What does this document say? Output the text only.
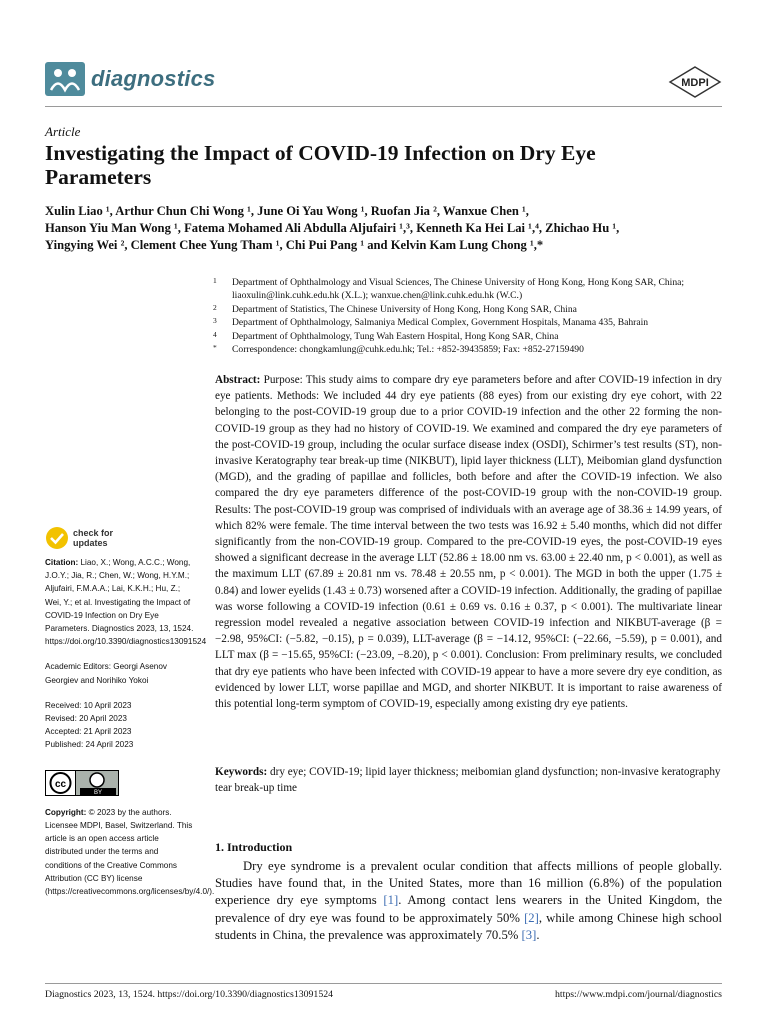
diagnostics	MDPI
Article
Investigating the Impact of COVID-19 Infection on Dry Eye Parameters
Xulin Liao ¹, Arthur Chun Chi Wong ¹, June Oi Yau Wong ¹, Ruofan Jia ², Wanxue Chen ¹,
Hanson Yiu Man Wong ¹, Fatema Mohamed Ali Abdulla Aljufairi ¹,³, Kenneth Ka Hei Lai ¹,⁴, Zhichao Hu ¹,
Yingying Wei ², Clement Chee Yung Tham ¹, Chi Pui Pang ¹ and Kelvin Kam Lung Chong ¹,*
1 Department of Ophthalmology and Visual Sciences, The Chinese University of Hong Kong, Hong Kong SAR, China; liaoxulin@link.cuhk.edu.hk (X.L.); wanxue.chen@link.cuhk.edu.hk (W.C.)
2 Department of Statistics, The Chinese University of Hong Kong, Hong Kong SAR, China
3 Department of Ophthalmology, Salmaniya Medical Complex, Government Hospitals, Manama 435, Bahrain
4 Department of Ophthalmology, Tung Wah Eastern Hospital, Hong Kong SAR, China
* Correspondence: chongkamlung@cuhk.edu.hk; Tel.: +852-39435859; Fax: +852-27159490
Abstract: Purpose: This study aims to compare dry eye parameters before and after COVID-19 infection in dry eye patients. Methods: We included 44 dry eye patients (88 eyes) from our existing dry eye cohort, with 22 belonging to the post-COVID-19 group due to a prior COVID-19 infection and the other 22 forming the non-COVID-19 group as they had no history of COVID-19. We examined and compared the dry eye parameters of the post-COVID-19 group, including the ocular surface disease index (OSDI), Schirmer’s test results (ST), non-invasive Keratography tear break-up time (NIKBUT), lipid layer thickness (LLT), Meibomian gland dysfunction (MGD), and the grading of papillae and follicles, both before and after the COVID-19 infection. We also compared the dry eye parameters difference of the post-COVID-19 group with the non-COVID-19 group. Results: The post-COVID-19 group was comprised of individuals with an average age of 38.36 ± 14.99 years, of which 82% were female. The time interval between the two tests was 16.92 ± 5.40 months, which did not differ significantly from the non-COVID-19 group. Compared to the pre-COVID-19 eyes, the post-COVID-19 eyes showed a significant decrease in the average LLT (52.86 ± 18.00 nm vs. 63.00 ± 22.40 nm, p < 0.001), as well as the maximum LLT (67.89 ± 20.81 nm vs. 78.48 ± 20.55 nm, p < 0.001). The MGD in both the upper (1.75 ± 0.84) and lower eyelids (1.43 ± 0.73) worsened after a COVID-19 infection. Additionally, the grading of papillae was worse following a COVID-19 infection (0.61 ± 0.69 vs. 0.16 ± 0.37, p < 0.001). The multivariate linear regression model revealed a negative association between COVID-19 infection and NIKBUT-average (β = −2.98, 95%CI: (−5.82, −0.15), p = 0.039), LLT-average (β = −14.12, 95%CI: (−22.66, −5.59), p = 0.001), and LLT max (β = −15.65, 95%CI: (−23.09, −8.20), p < 0.001). Conclusion: From preliminary results, we concluded that dry eye patients who have been infected with COVID-19 appear to have a more severe dry eye condition, as evidenced by lower LLT, worse papillae and MGD, and shorter NIKBUT. It is important to raise awareness of this potential long-term symptom of COVID-19, especially among existing dry eye patients.
Keywords: dry eye; COVID-19; lipid layer thickness; meibomian gland dysfunction; non-invasive keratography tear break-up time
check for
updates

Citation: Liao, X.; Wong, A.C.C.; Wong, J.O.Y.; Jia, R.; Chen, W.; Wong, H.Y.M.; Aljufairi, F.M.A.A.; Lai, K.K.H.; Hu, Z.; Wei, Y.; et al. Investigating the Impact of COVID-19 Infection on Dry Eye Parameters. Diagnostics 2023, 13, 1524. https://doi.org/10.3390/diagnostics13091524

Academic Editors: Georgi Asenov Georgiev and Norihiko Yokoi

Received: 10 April 2023

Revised: 20 April 2023

Accepted: 21 April 2023

Published: 24 April 2023

cc
BY

Copyright: © 2023 by the authors. Licensee MDPI, Basel, Switzerland. This article is an open access article distributed under the terms and conditions of the Creative Commons Attribution (CC BY) license (https://creativecommons.org/licenses/by/4.0/).

1. Introduction
Dry eye syndrome is a prevalent ocular condition that affects millions of people globally. Studies have found that, in the United States, more than 16 million (6.8%) of the population experience dry eye symptoms [1]. Among contact lens wearers in the United Kingdom, the prevalence of dry eye was found to be approximately 50% [2], while among Chinese high school students in China, the prevalence was approximately 70.5% [3].
Diagnostics 2023, 13, 1524. https://doi.org/10.3390/diagnostics13091524	https://www.mdpi.com/journal/diagnostics
